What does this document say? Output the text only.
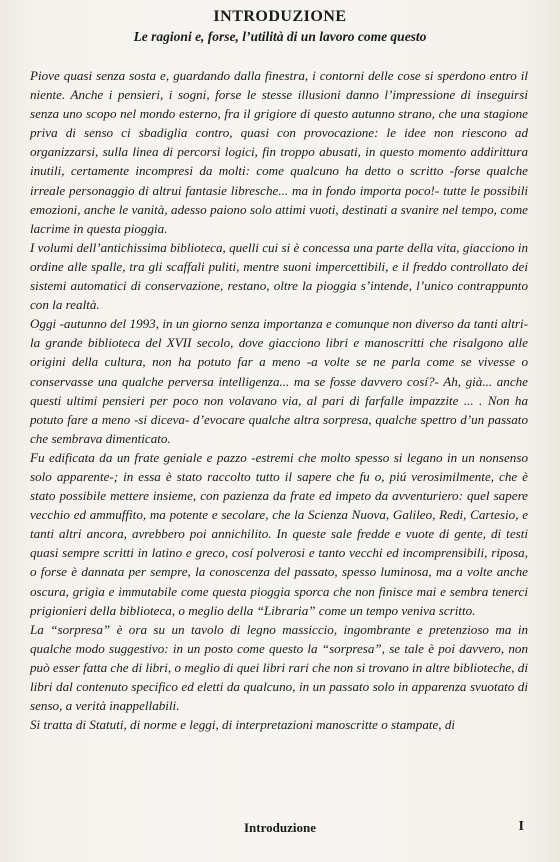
INTRODUZIONE
Le ragioni e, forse, l’utilità di un lavoro come questo

Piove quasi senza sosta e, guardando dalla finestra, i contorni delle cose si sperdono entro il niente. Anche i pensieri, i sogni, forse le stesse illusioni danno l’impressione di inseguirsi senza uno scopo nel mondo esterno, fra il grigiore di questo autunno strano, che una stagione priva di senso ci sbadiglia contro, quasi con provocazione: le idee non riescono ad organizzarsi, sulla linea di percorsi logici, fin troppo abusati, in questo momento addirittura inutili, certamente incompresi da molti: come qualcuno ha detto o scritto -forse qualche irreale personaggio di altrui fantasie libresche... ma in fondo importa poco!- tutte le possibili emozioni, anche le vanità, adesso paiono solo attimi vuoti, destinati a svanire nel tempo, come lacrime in questa pioggia.

I volumi dell’antichissima biblioteca, quelli cui si è concessa una parte della vita, giacciono in ordine alle spalle, tra gli scaffali puliti, mentre suoni impercettibili, e il freddo controllato dei sistemi automatici di conservazione, restano, oltre la pioggia s’intende, l’unico contrappunto con la realtà.

Oggi -autunno del 1993, in un giorno senza importanza e comunque non diverso da tanti altri- la grande biblioteca del XVII secolo, dove giacciono libri e manoscritti che risalgono alle origini della cultura, non ha potuto far a meno -a volte se ne parla come se vivesse o conservasse una qualche perversa intelligenza... ma se fosse davvero cosí?- Ah, già... anche questi ultimi pensieri per poco non volavano via, al pari di farfalle impazzite ... . Non ha potuto fare a meno -si diceva- d’evocare qualche altra sorpresa, qualche spettro d’un passato che sembrava dimenticato.

Fu edificata da un frate geniale e pazzo -estremi che molto spesso si legano in un nonsenso solo apparente-; in essa è stato raccolto tutto il sapere che fu o, piú verosimilmente, che è stato possibile mettere insieme, con pazienza da frate ed impeto da avventuriero: quel sapere vecchio ed ammuffito, ma potente e secolare, che la Scienza Nuova, Galileo, Redi, Cartesio, e tanti altri ancora, avrebbero poi annichilito. In queste sale fredde e vuote di gente, di testi quasi sempre scritti in latino e greco, cosí polverosi e tanto vecchi ed incomprensibili, riposa, o forse è dannata per sempre, la conoscenza del passato, spesso luminosa, ma a volte anche oscura, grigia e immutabile come questa pioggia sporca che non finisce mai e sembra tenerci prigionieri della biblioteca, o meglio della “Libraria” come un tempo veniva scritto.

La “sorpresa” è ora su un tavolo di legno massiccio, ingombrante e pretenzioso ma in qualche modo suggestivo: in un posto come questo la “sorpresa”, se tale è poi davvero, non può esser fatta che di libri, o meglio di quei libri rari che non si trovano in altre biblioteche, di libri dal contenuto specifico ed eletti da qualcuno, in un passato solo in apparenza svuotato di senso, a verità inappellabili.

Si tratta di Statuti, di norme e leggi, di interpretazioni manoscritte o stampate, di

Introduzione	I
